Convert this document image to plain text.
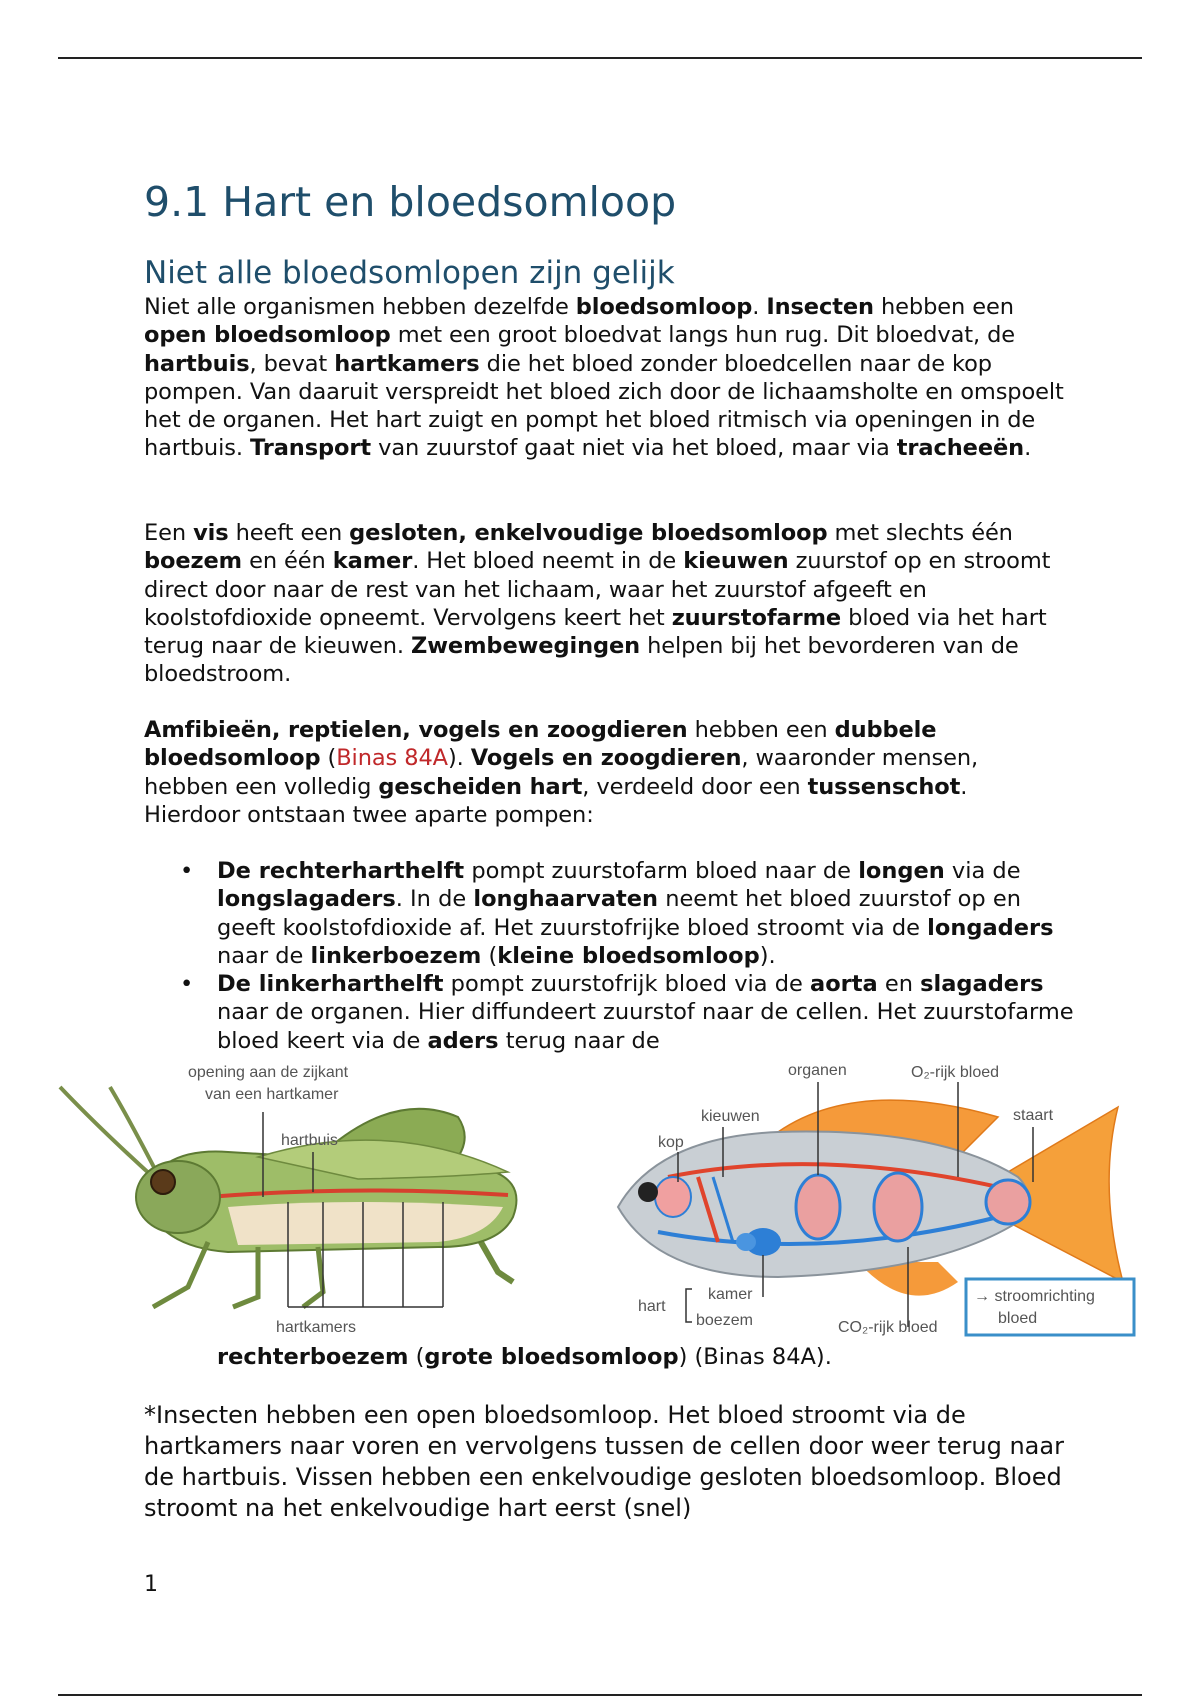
9.1 Hart en bloedsomloop
Niet alle bloedsomlopen zijn gelijk

Niet alle organismen hebben dezelfde bloedsomloop. Insecten hebben een open bloedsomloop met een groot bloedvat langs hun rug. Dit bloedvat, de hartbuis, bevat hartkamers die het bloed zonder bloedcellen naar de kop pompen. Van daaruit verspreidt het bloed zich door de lichaamsholte en omspoelt het de organen. Het hart zuigt en pompt het bloed ritmisch via openingen in de hartbuis. Transport van zuurstof gaat niet via het bloed, maar via tracheeën.

Een vis heeft een gesloten, enkelvoudige bloedsomloop met slechts één boezem en één kamer. Het bloed neemt in de kieuwen zuurstof op en stroomt direct door naar de rest van het lichaam, waar het zuurstof afgeeft en koolstofdioxide opneemt. Vervolgens keert het zuurstofarme bloed via het hart terug naar de kieuwen. Zwembewegingen helpen bij het bevorderen van de bloedstroom.

Amfibieën, reptielen, vogels en zoogdieren hebben een dubbele bloedsomloop (Binas 84A). Vogels en zoogdieren, waaronder mensen, hebben een volledig gescheiden hart, verdeeld door een tussenschot. Hierdoor ontstaan twee aparte pompen:

• De rechterharthelft pompt zuurstofarm bloed naar de longen via de longslagaders. In de longhaarvaten neemt het bloed zuurstof op en geeft koolstofdioxide af. Het zuurstofrijke bloed stroomt via de longaders naar de linkerboezem (kleine bloedsomloop).
• De linkerharthelft pompt zuurstofrijk bloed via de aorta en slagaders naar de organen. Hier diffundeert zuurstof naar de cellen. Het zuurstofarme bloed keert via de aders terug naar de
opening aan de zijkant
van een hartkamer
hartbuis
hartkamers
organen	O₂-rijk bloed
kieuwen
kop
staart
hart
kamer
boezem	CO₂-rijk bloed
→ stroomrichting
bloed

rechterboezem (grote bloedsomloop) (Binas 84A).

*Insecten hebben een open bloedsomloop. Het bloed stroomt via de hartkamers naar voren en vervolgens tussen de cellen door weer terug naar de hartbuis. Vissen hebben een enkelvoudige gesloten bloedsomloop. Bloed stroomt na het enkelvoudige hart eerst (snel)

1
